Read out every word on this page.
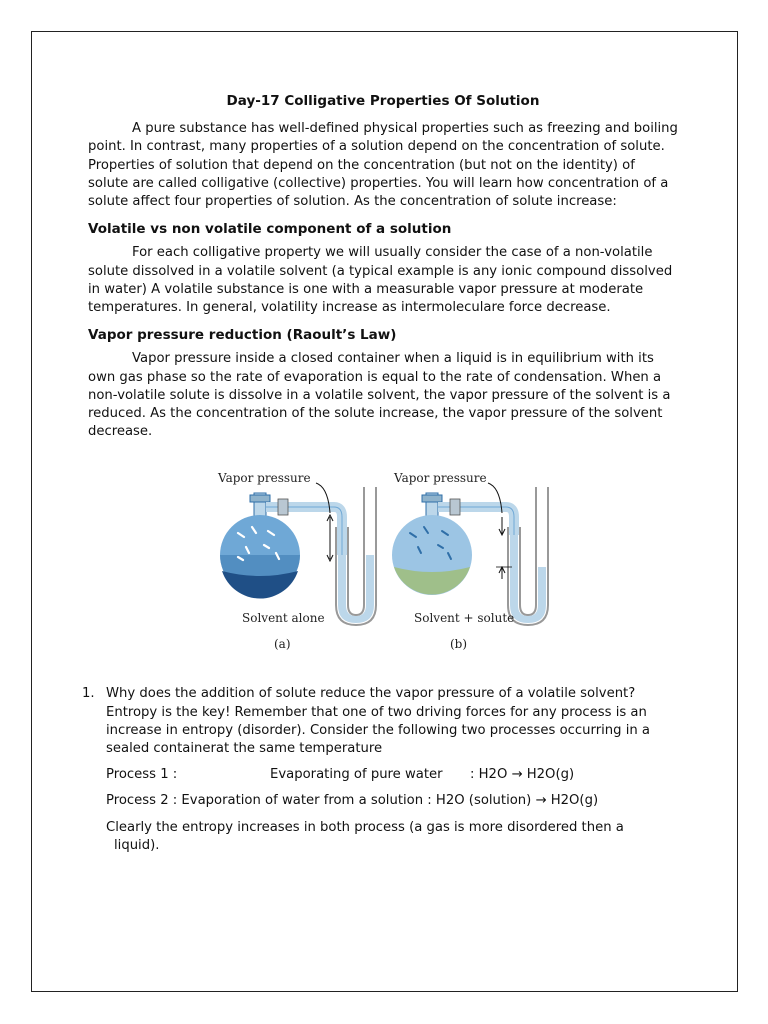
Day-17 Colligative Properties Of Solution

A pure substance has well-defined physical properties such as freezing and boiling point. In contrast, many properties of a solution depend on the concentration of solute. Properties of solution that depend on the concentration (but not on the identity) of solute are called colligative (collective) properties. You will learn how concentration of a solute affect four properties of solution. As the concentration of solute increase:

Volatile vs non volatile component of a solution

For each colligative property we will usually consider the case of a non-volatile solute dissolved in a volatile solvent (a typical example is any ionic compound dissolved in water) A volatile substance is one with a measurable vapor pressure at moderate temperatures. In general, volatility increase as intermoleculare force decrease.

Vapor pressure reduction (Raoult’s Law)

Vapor pressure inside a closed container when a liquid is in equilibrium with its own gas phase so the rate of evaporation is equal to the rate of condensation. When a non-volatile solute is dissolve in a volatile solvent, the vapor pressure of the solvent is a reduced. As the concentration of the solute increase, the vapor pressure of the solvent decrease.

Vapor pressure	Vapor pressure
Solvent alone	Solvent + solute
(a)	(b)
1. Why does the addition of solute reduce the vapor pressure of a volatile solvent? Entropy is the key! Remember that one of two driving forces for any process is an increase in entropy (disorder). Consider the following two processes occurring in a sealed containerat the same temperature

Process 1 :	Evaporating of pure water	: H2O → H2O(g)

Process 2 : Evaporation of water from a solution : H2O (solution) → H2O(g)

Clearly the entropy increases in both process (a gas is more disordered then a
liquid).
